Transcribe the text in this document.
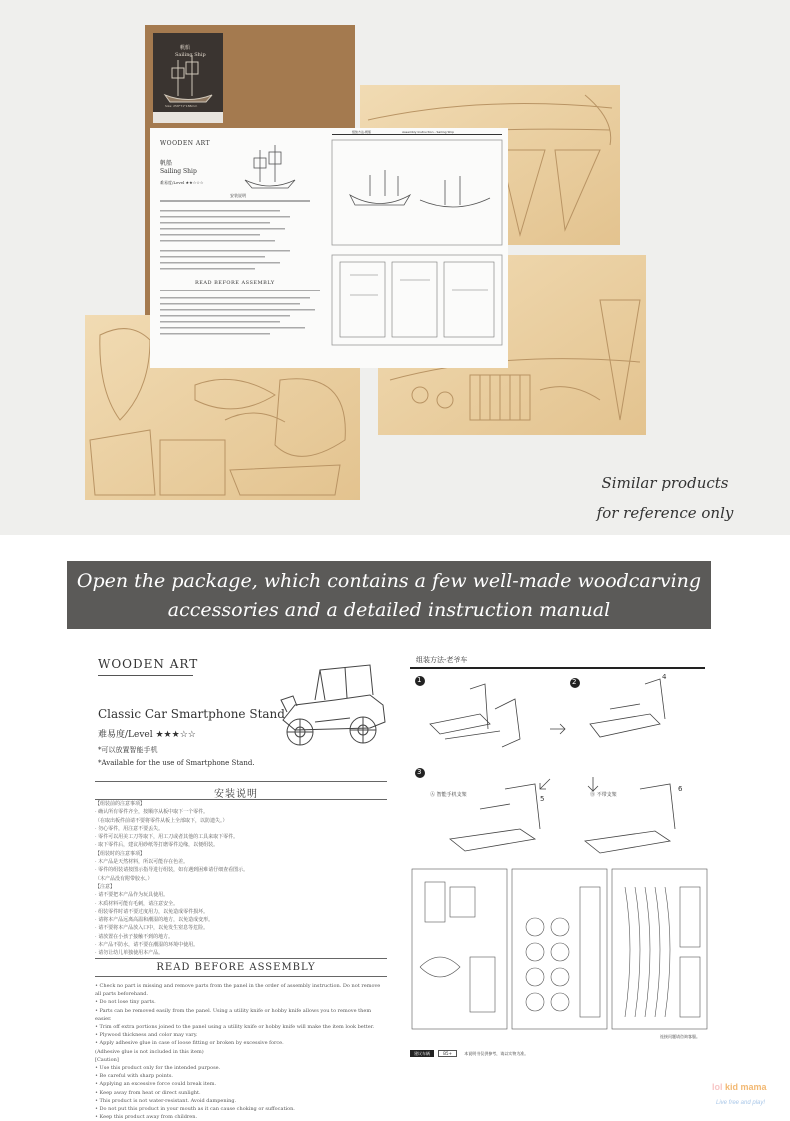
Sailing Ship
帆船
Size: 258*71*188mm
WOODEN ART
帆船
Sailing Ship
难易度/Level ★★☆☆☆
安装说明
READ BEFORE ASSEMBLY
组装方法-帆船	Assembly Instruction - Sailing Ship
Similar products
for reference only
Open the package, which contains a few well-made woodcarving
accessories and a detailed instruction manual
WOODEN ART
Classic Car Smartphone Stand
难易度/Level ★★★☆☆
*可以放置智能手机
*Available for the use of Smartphone Stand.
安装说明
【组装前的注意事项】
· 确认所有零件齐全，按顺序从板中取下一个零件。
（在取出板件前请不要将零件从板上全部取下，以防遗失。）
· 勿心零件，用注意不要丢失。
· 零件可以用美工刀等取下，用工刀或者其他的工具来取下零件。
· 取下零件后，建议用砂纸等打磨零件边缘，以便组装。
【组装时的注意事项】
· 木产品是天然材料，所以可能存在色差。
· 零件的组装请按图示指导进行组装，如有遇到困难请仔细查看图示。
（木产品没有附带胶水。）
【注意】
· 请不要把本产品作为玩具使用。
· 木质材料可能有毛刺，请注意安全。
· 组装零件时请不要过度用力，以免造成零件损坏。
· 请将本产品远离高温和潮湿的地方，以免造成变形。
· 请不要将本产品放入口中，以免发生窒息等危险。
· 请放置在小孩子接触不到的地方。
· 本产品不防水，请不要在潮湿的环境中使用。
· 请勿让幼儿单独使用本产品。
READ BEFORE ASSEMBLY
• Check no part is missing and remove parts from the panel in the order of assembly instruction. Do not remove all parts beforehand.
• Do not lose tiny parts.
• Parts can be removed easily from the panel. Using a utility knife or hobby knife allows you to remove them easier.
• Trim off extra portions joined to the panel using a utility knife or hobby knife will make the item look better.
• Plywood thickness and color may vary.
• Apply adhesive glue in case of loose fitting or broken by excessive force.
(Adhesive glue is not included in this item)
[Caution]
• Use this product only for the intended purpose.
• Be careful with sharp points.
• Applying an excessive force could break item.
• Keep away from heat or direct sunlight.
• This product is not water-resistant. Avoid dampening.
• Do not put this product in your mouth as it can cause choking or suffocation.
• Keep this product away from children.
组装方法-老爷车
1	2
3
4
5
6
Ⓐ 智能手机支架	Ⓑ 不带支架
连接问题请咨询客服。
建议车辆	B5+	本说明书仅供参考，请以实物为准。
lol kid mama
Live free and play!
